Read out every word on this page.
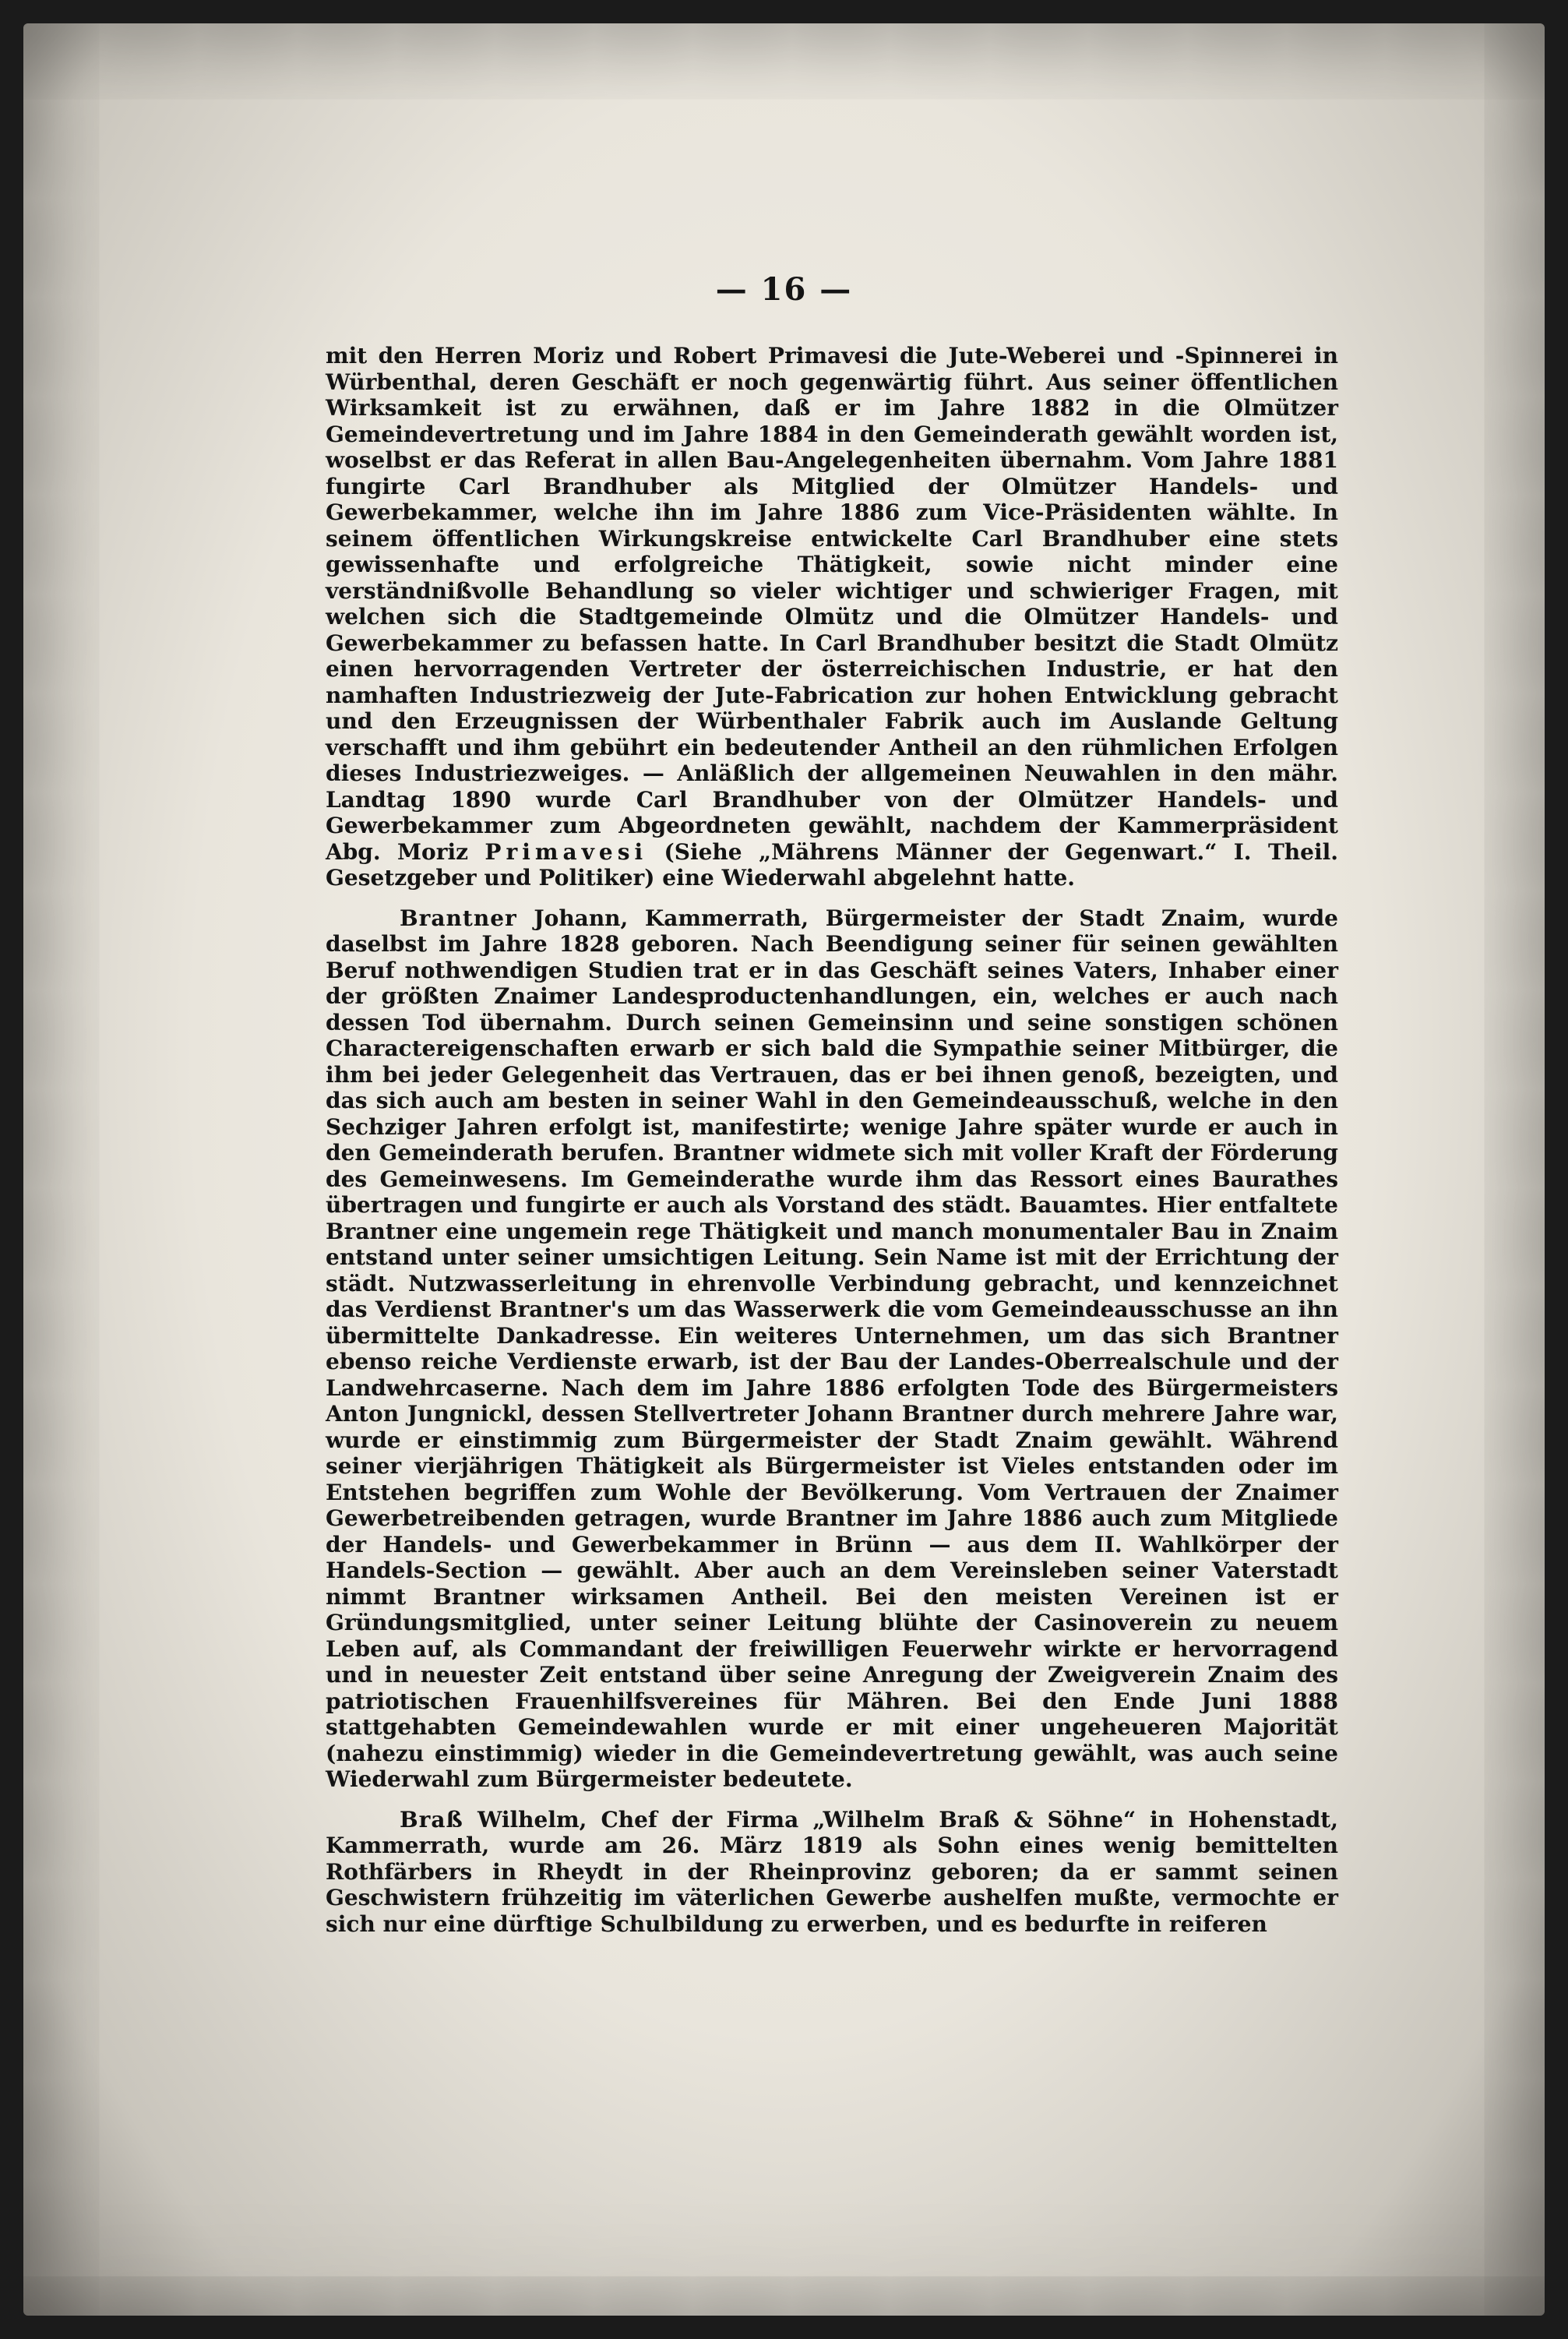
— 16 —

mit den Herren Moriz und Robert Primavesi die Jute-Weberei und -Spinnerei in Würbenthal, deren Geschäft er noch gegenwärtig führt. Aus seiner öffentlichen Wirksamkeit ist zu erwähnen, daß er im Jahre 1882 in die Olmützer Gemeindevertretung und im Jahre 1884 in den Gemeinderath gewählt worden ist, woselbst er das Referat in allen Bau-Angelegenheiten übernahm. Vom Jahre 1881 fungirte Carl Brandhuber als Mitglied der Olmützer Handels- und Gewerbekammer, welche ihn im Jahre 1886 zum Vice-Präsidenten wählte. In seinem öffentlichen Wirkungskreise entwickelte Carl Brandhuber eine stets gewissenhafte und erfolgreiche Thätigkeit, sowie nicht minder eine verständnißvolle Behandlung so vieler wichtiger und schwieriger Fragen, mit welchen sich die Stadtgemeinde Olmütz und die Olmützer Handels- und Gewerbekammer zu befassen hatte. In Carl Brandhuber besitzt die Stadt Olmütz einen hervorragenden Vertreter der österreichischen Industrie, er hat den namhaften Industriezweig der Jute-Fabrication zur hohen Entwicklung gebracht und den Erzeugnissen der Würbenthaler Fabrik auch im Auslande Geltung verschafft und ihm gebührt ein bedeutender Antheil an den rühmlichen Erfolgen dieses Industriezweiges. — Anläßlich der allgemeinen Neuwahlen in den mähr. Landtag 1890 wurde Carl Brandhuber von der Olmützer Handels- und Gewerbekammer zum Abgeordneten gewählt, nachdem der Kammerpräsident Abg. Moriz Primavesi (Siehe „Mährens Männer der Gegenwart.“ I. Theil. Gesetzgeber und Politiker) eine Wiederwahl abgelehnt hatte.

Brantner Johann, Kammerrath, Bürgermeister der Stadt Znaim, wurde daselbst im Jahre 1828 geboren. Nach Beendigung seiner für seinen gewählten Beruf nothwendigen Studien trat er in das Geschäft seines Vaters, Inhaber einer der größten Znaimer Landesproductenhandlungen, ein, welches er auch nach dessen Tod übernahm. Durch seinen Gemeinsinn und seine sonstigen schönen Charactereigenschaften erwarb er sich bald die Sympathie seiner Mitbürger, die ihm bei jeder Gelegenheit das Vertrauen, das er bei ihnen genoß, bezeigten, und das sich auch am besten in seiner Wahl in den Gemeindeausschuß, welche in den Sechziger Jahren erfolgt ist, manifestirte; wenige Jahre später wurde er auch in den Gemeinderath berufen. Brantner widmete sich mit voller Kraft der Förderung des Gemeinwesens. Im Gemeinderathe wurde ihm das Ressort eines Baurathes übertragen und fungirte er auch als Vorstand des städt. Bauamtes. Hier entfaltete Brantner eine ungemein rege Thätigkeit und manch monumentaler Bau in Znaim entstand unter seiner umsichtigen Leitung. Sein Name ist mit der Errichtung der städt. Nutzwasserleitung in ehrenvolle Verbindung gebracht, und kennzeichnet das Verdienst Brantner's um das Wasserwerk die vom Gemeindeausschusse an ihn übermittelte Dankadresse. Ein weiteres Unternehmen, um das sich Brantner ebenso reiche Verdienste erwarb, ist der Bau der Landes-Oberrealschule und der Landwehrcaserne. Nach dem im Jahre 1886 erfolgten Tode des Bürgermeisters Anton Jungnickl, dessen Stellvertreter Johann Brantner durch mehrere Jahre war, wurde er einstimmig zum Bürgermeister der Stadt Znaim gewählt. Während seiner vierjährigen Thätigkeit als Bürgermeister ist Vieles entstanden oder im Entstehen begriffen zum Wohle der Bevölkerung. Vom Vertrauen der Znaimer Gewerbetreibenden getragen, wurde Brantner im Jahre 1886 auch zum Mitgliede der Handels- und Gewerbekammer in Brünn — aus dem II. Wahlkörper der Handels-Section — gewählt. Aber auch an dem Vereinsleben seiner Vaterstadt nimmt Brantner wirksamen Antheil. Bei den meisten Vereinen ist er Gründungsmitglied, unter seiner Leitung blühte der Casinoverein zu neuem Leben auf, als Commandant der freiwilligen Feuerwehr wirkte er hervorragend und in neuester Zeit entstand über seine Anregung der Zweigverein Znaim des patriotischen Frauenhilfsvereines für Mähren. Bei den Ende Juni 1888 stattgehabten Gemeindewahlen wurde er mit einer ungeheueren Majorität (nahezu einstimmig) wieder in die Gemeindevertretung gewählt, was auch seine Wiederwahl zum Bürgermeister bedeutete.

Braß Wilhelm, Chef der Firma „Wilhelm Braß & Söhne“ in Hohenstadt, Kammerrath, wurde am 26. März 1819 als Sohn eines wenig bemittelten Rothfärbers in Rheydt in der Rheinprovinz geboren; da er sammt seinen Geschwistern frühzeitig im väterlichen Gewerbe aushelfen mußte, vermochte er sich nur eine dürftige Schulbildung zu erwerben, und es bedurfte in reiferen
